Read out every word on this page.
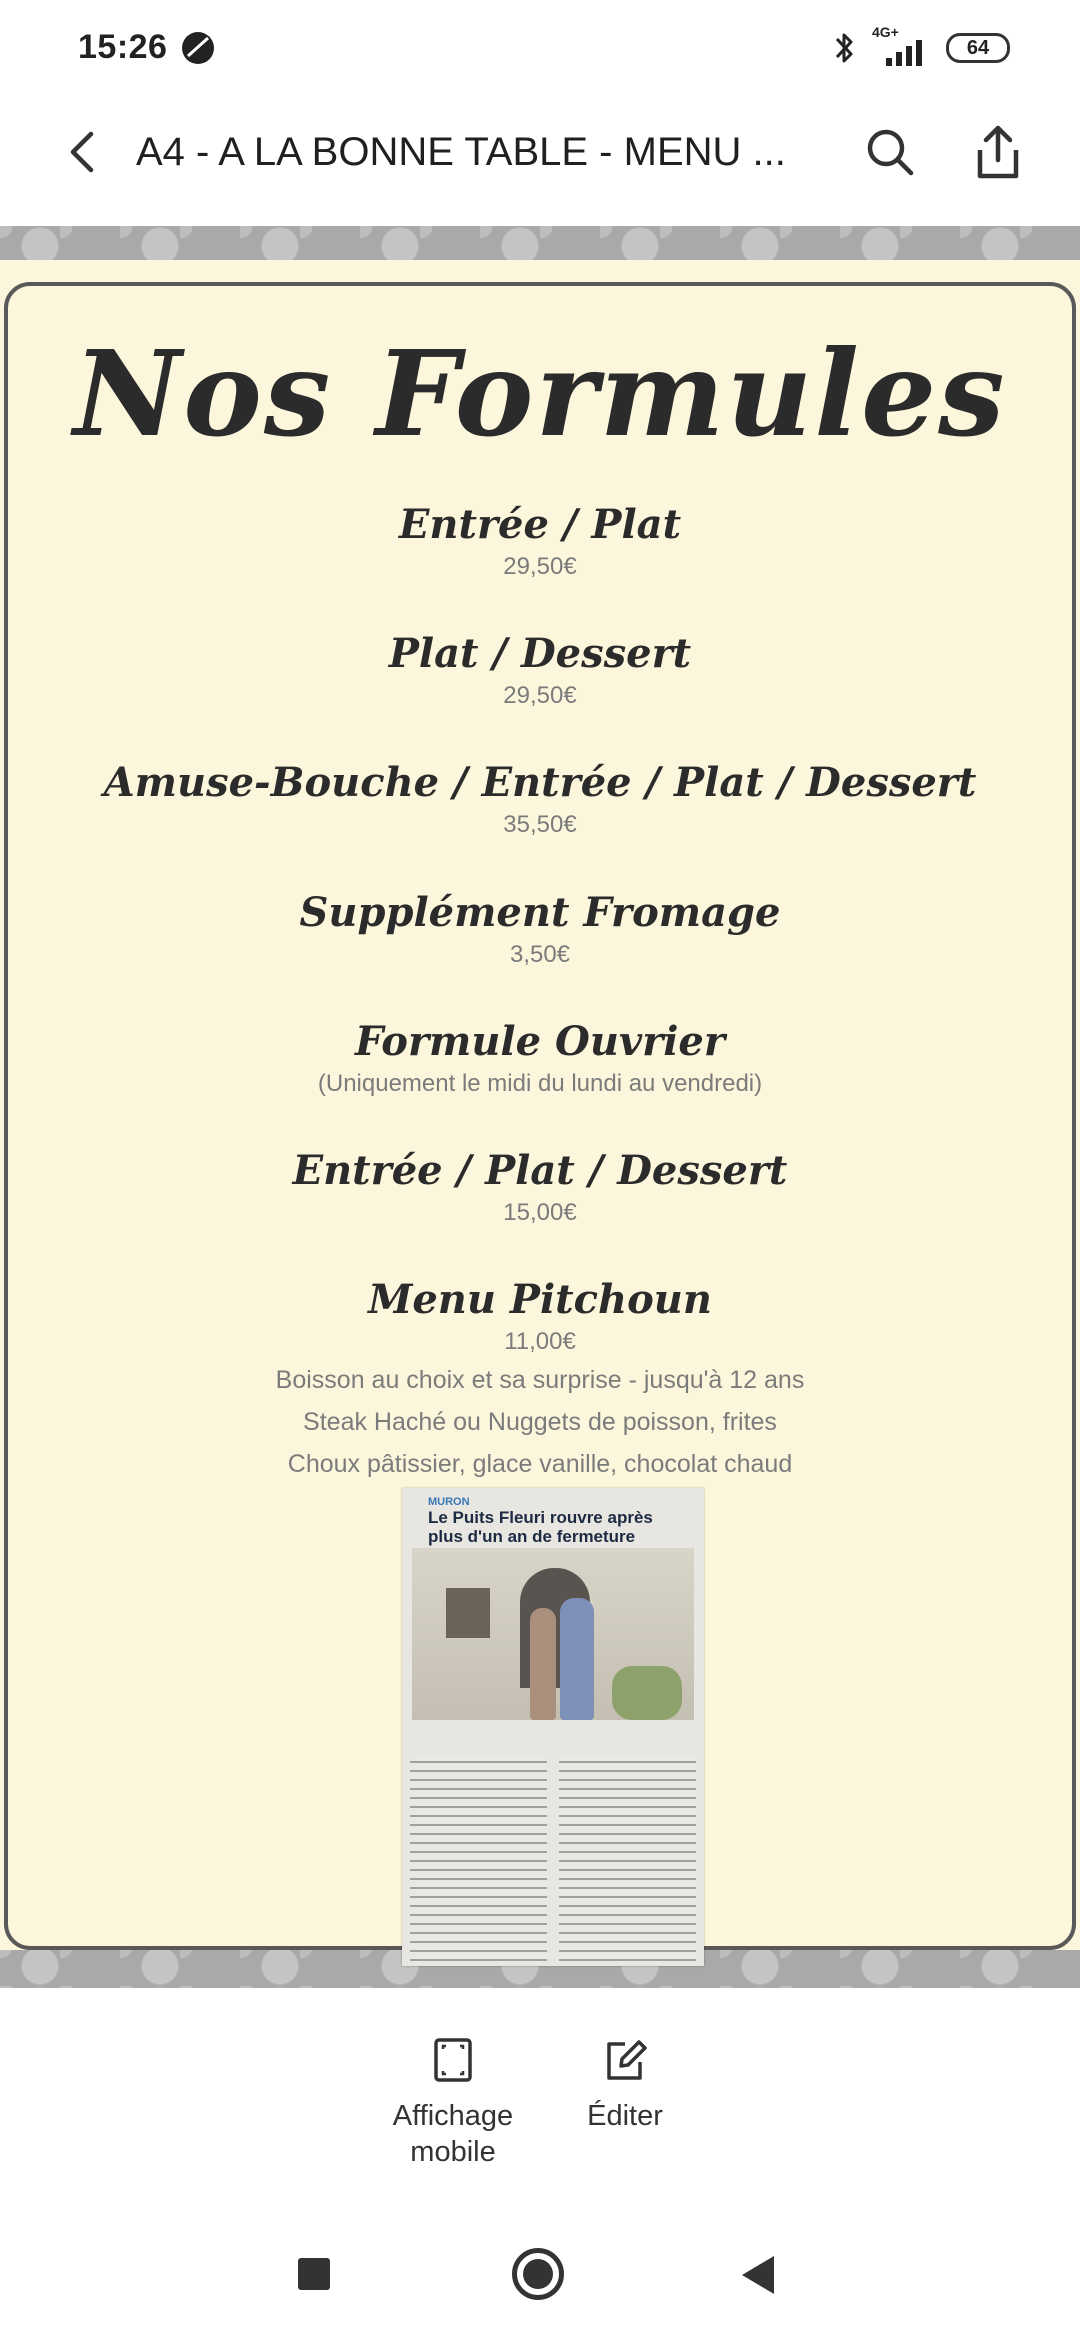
15:26	4G+
64
A4 - A LA BONNE TABLE - MENU ...
Nos Formules
Entrée / Plat
29,50€
Plat / Dessert
29,50€
Amuse-Bouche / Entrée / Plat / Dessert
35,50€
Supplément Fromage
3,50€
Formule Ouvrier
(Uniquement le midi du lundi au vendredi)
Entrée / Plat / Dessert
15,00€
Menu Pitchoun
11,00€
Boisson au choix et sa surprise - jusqu'à 12 ans
Steak Haché ou Nuggets de poisson, frites
Choux pâtissier, glace vanille, chocolat chaud
MURON
Le Puits Fleuri rouvre après plus d'un an de fermeture
Affichage mobile
Éditer
